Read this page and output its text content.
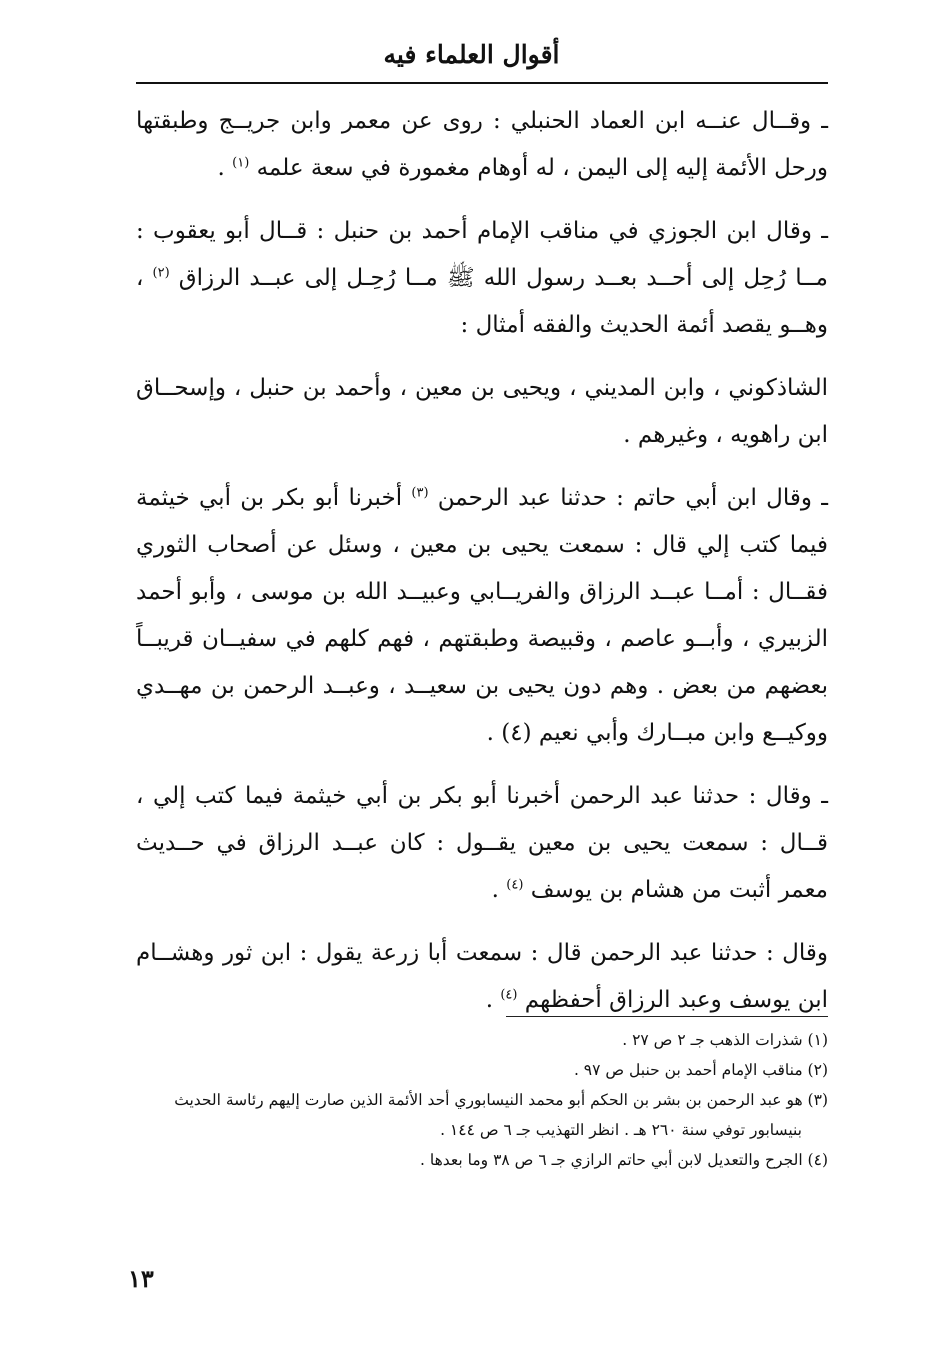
أقوال العلماء فيه

ـ وقــال عنــه ابن العماد الحنبلي : روى عن معمر وابن جريــج وطبقتها ورحل الأئمة إليه إلى اليمن ، له أوهام مغمورة في سعة علمه $^{(١)}$ .

ـ وقال ابن الجوزي في مناقب الإمام أحمد بن حنبل : قــال أبو يعقوب : مــا رُحِل إلى أحــد بعــد رسول الله ﷺ مــا رُحِـل إلى عبــد الرزاق $^{(٢)}$ ، وهــو يقصد أئمة الحديث والفقه أمثال :

الشاذكوني ، وابن المديني ، ويحيى بن معين ، وأحمد بن حنبل ، وإسحــاق ابن راهويه ، وغيرهم .

ـ وقال ابن أبي حاتم : حدثنا عبد الرحمن $^{(٣)}$ أخبرنا أبو بكر بن أبي خيثمة فيما كتب إلي قال : سمعت يحيى بن معين ، وسئل عن أصحاب الثوري فقــال : أمــا عبــد الرزاق والفريــابي وعبيــد الله بن موسى ، وأبو أحمد الزبيري ، وأبــو عاصم ، وقبيصة وطبقتهم ، فهم كلهم في سفيــان قريبــاً بعضهم من بعض . وهم دون يحيى بن سعيــد ، وعبــد الرحمن بن مهــدي ووكيــع وابن مبــارك وأبي نعيم (٤) .

ـ وقال : حدثنا عبد الرحمن أخبرنا أبو بكر بن أبي خيثمة فيما كتب إلي ، قــال : سمعت يحيى بن معين يقــول : كان عبــد الرزاق في حــديث معمر أثبت من هشام بن يوسف $^{(٤)}$ .

وقال : حدثنا عبد الرحمن قال : سمعت أبا زرعة يقول : ابن ثور وهشــام ابن يوسف وعبد الرزاق أحفظهم $^{(٤)}$ .

(١) شذرات الذهب جـ ٢ ص ٢٧ .

(٢) مناقب الإمام أحمد بن حنبل ص ٩٧ .

(٣) هو عبد الرحمن بن بشر بن الحكم أبو محمد النيسابوري أحد الأئمة الذين صارت إليهم رئاسة الحديث بنيسابور توفي سنة ٢٦٠ هـ . انظر التهذيب جـ ٦ ص ١٤٤ .

(٤) الجرح والتعديل لابن أبي حاتم الرازي جـ ٦ ص ٣٨ وما بعدها .

١٣
